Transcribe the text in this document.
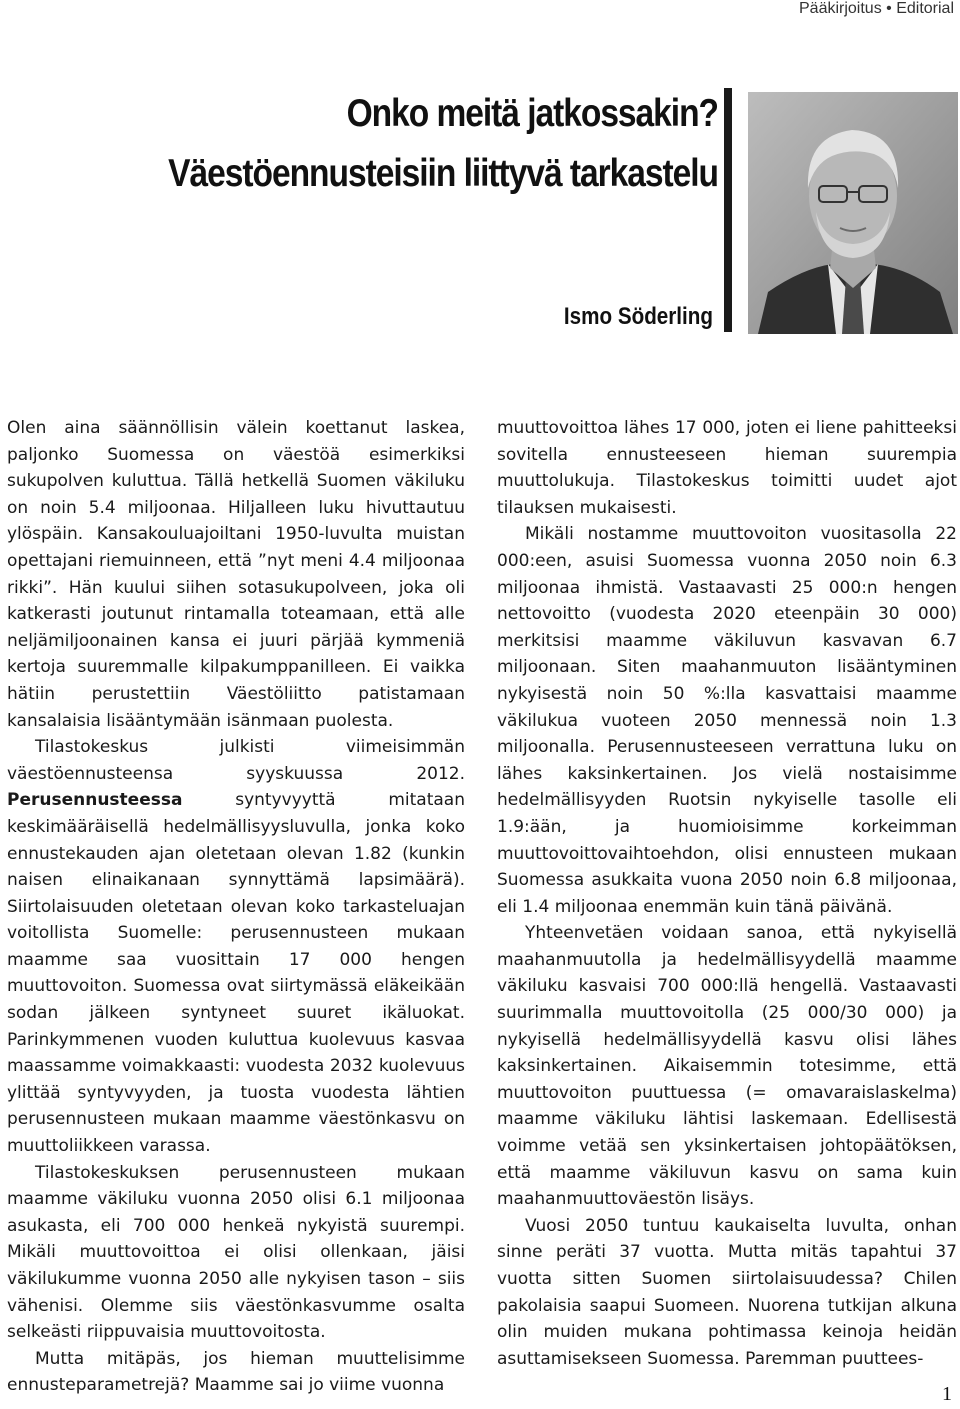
Pääkirjoitus • Editorial
Onko meitä jatkossakin?
Väestöennusteisiin liittyvä tarkastelu
Ismo Söderling

Olen aina säännöllisin välein koettanut laskea, paljonko Suomessa on väestöä esimerkiksi sukupolven kuluttua. Tällä hetkellä Suomen väkiluku on noin 5.4 miljoonaa. Hiljalleen luku hivuttautuu ylöspäin. Kansakouluajoiltani 1950-luvulta muistan opettajani riemuinneen, että ”nyt meni 4.4 miljoonaa rikki”. Hän kuului siihen sotasukupolveen, joka oli katkerasti joutunut rintamalla toteamaan, että alle neljämiljoonainen kansa ei juuri pärjää kymmeniä kertoja suuremmalle kilpakumppanilleen. Ei vaikka hätiin perustettiin Väestöliitto patistamaan kansalaisia lisääntymään isänmaan puolesta.

Tilastokeskus julkisti viimeisimmän väestöennusteensa syyskuussa 2012. Perusennusteessa syntyvyyttä mitataan keskimääräisellä hedelmällisyysluvulla, jonka koko ennustekauden ajan oletetaan olevan 1.82 (kunkin naisen elinaikanaan synnyttämä lapsimäärä). Siirtolaisuuden oletetaan olevan koko tarkasteluajan voitollista Suomelle: perusennusteen mukaan maamme saa vuosittain 17 000 hengen muuttovoiton. Suomessa ovat siirtymässä eläkeikään sodan jälkeen syntyneet suuret ikäluokat. Parinkymmenen vuoden kuluttua kuolevuus kasvaa maassamme voimakkaasti: vuodesta 2032 kuolevuus ylittää syntyvyyden, ja tuosta vuodesta lähtien perusennusteen mukaan maamme väestönkasvu on muuttoliikkeen varassa.

Tilastokeskuksen perusennusteen mukaan maamme väkiluku vuonna 2050 olisi 6.1 miljoonaa asukasta, eli 700 000 henkeä nykyistä suurempi. Mikäli muuttovoittoa ei olisi ollenkaan, jäisi väkilukumme vuonna 2050 alle nykyisen tason – siis vähenisi. Olemme siis väestönkasvumme osalta selkeästi riippuvaisia muuttovoitosta.

Mutta mitäpäs, jos hieman muuttelisimme ennusteparametrejä? Maamme sai jo viime vuonna

muuttovoittoa lähes 17 000, joten ei liene pahitteeksi sovitella ennusteeseen hieman suurempia muuttolukuja. Tilastokeskus toimitti uudet ajot tilauksen mukaisesti.

Mikäli nostamme muuttovoiton vuositasolla 22 000:een, asuisi Suomessa vuonna 2050 noin 6.3 miljoonaa ihmistä. Vastaavasti 25 000:n hengen nettovoitto (vuodesta 2020 eteenpäin 30 000) merkitsisi maamme väkiluvun kasvavan 6.7 miljoonaan. Siten maahanmuuton lisääntyminen nykyisestä noin 50 %:lla kasvattaisi maamme väkilukua vuoteen 2050 mennessä noin 1.3 miljoonalla. Perusennusteeseen verrattuna luku on lähes kaksinkertainen. Jos vielä nostaisimme hedelmällisyyden Ruotsin nykyiselle tasolle eli 1.9:ään, ja huomioisimme korkeimman muuttovoittovaihtoehdon, olisi ennusteen mukaan Suomessa asukkaita vuona 2050 noin 6.8 miljoonaa, eli 1.4 miljoonaa enemmän kuin tänä päivänä.

Yhteenvetäen voidaan sanoa, että nykyisellä maahanmuutolla ja hedelmällisyydellä maamme väkiluku kasvaisi 700 000:llä hengellä. Vastaavasti suurimmalla muuttovoitolla (25 000/30 000) ja nykyisellä hedelmällisyydellä kasvu olisi lähes kaksinkertainen. Aikaisemmin totesimme, että muuttovoiton puuttuessa (= omavaraislaskelma) maamme väkiluku lähtisi laskemaan. Edellisestä voimme vetää sen yksinkertaisen johtopäätöksen, että maamme väkiluvun kasvu on sama kuin maahanmuuttoväestön lisäys.

Vuosi 2050 tuntuu kaukaiselta luvulta, onhan sinne peräti 37 vuotta. Mutta mitäs tapahtui 37 vuotta sitten Suomen siirtolaisuudessa? Chilen pakolaisia saapui Suomeen. Nuorena tutkijan alkuna olin muiden mukana pohtimassa keinoja heidän asuttamisekseen Suomessa. Paremman puuttees-

1
